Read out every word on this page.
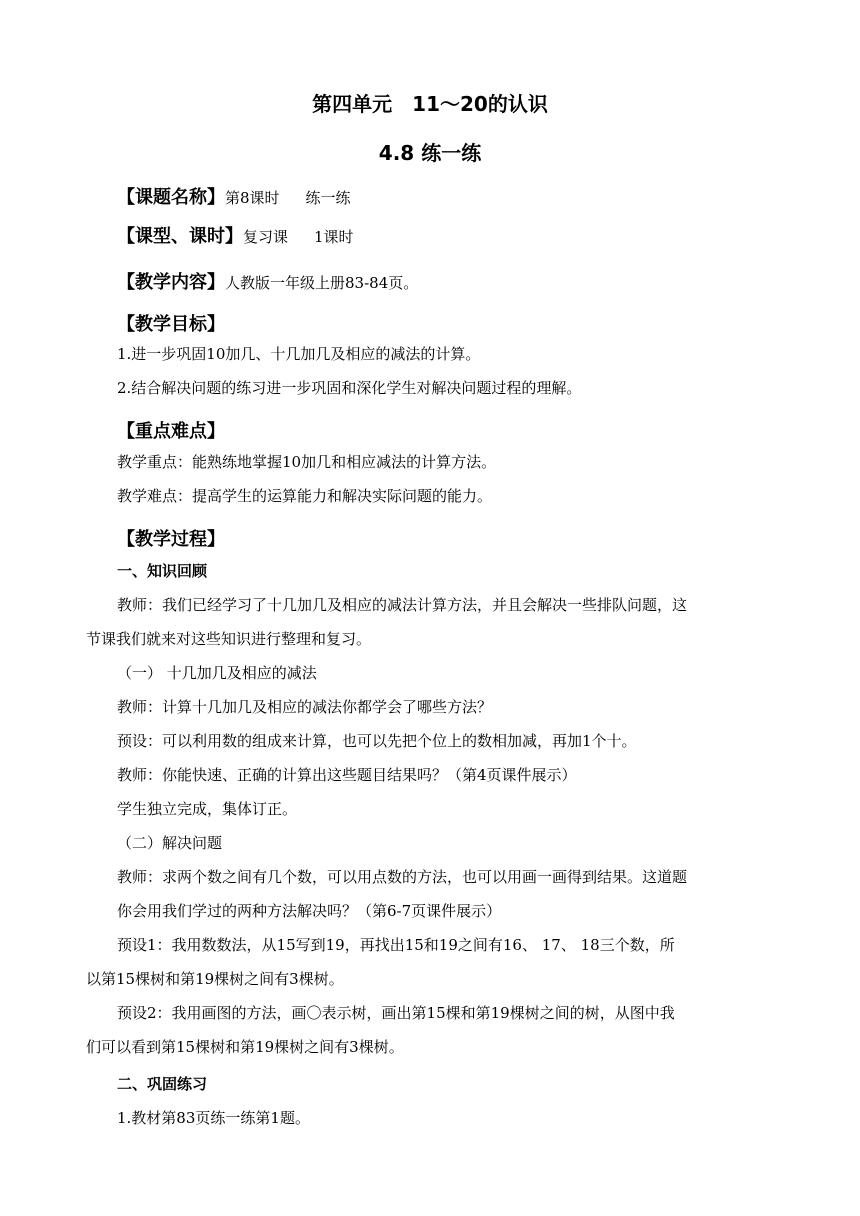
第四单元　11～20的认识
4.8 练一练
【课题名称】第8课时 练一练
【课型、课时】复习课 1课时
【教学内容】人教版一年级上册83-84页。
【教学目标】
1.进一步巩固10加几、十几加几及相应的减法的计算。
2.结合解决问题的练习进一步巩固和深化学生对解决问题过程的理解。
【重点难点】
教学重点：能熟练地掌握10加几和相应减法的计算方法。
教学难点：提高学生的运算能力和解决实际问题的能力。
【教学过程】
一、知识回顾
教师：我们已经学习了十几加几及相应的减法计算方法，并且会解决一些排队问题，这
节课我们就来对这些知识进行整理和复习。
（一） 十几加几及相应的减法
教师：计算十几加几及相应的减法你都学会了哪些方法？
预设：可以利用数的组成来计算，也可以先把个位上的数相加减，再加1个十。
教师：你能快速、正确的计算出这些题目结果吗？（第4页课件展示）
学生独立完成，集体订正。
（二）解决问题
教师：求两个数之间有几个数，可以用点数的方法，也可以用画一画得到结果。这道题
你会用我们学过的两种方法解决吗？（第6-7页课件展示）
预设1：我用数数法，从15写到19，再找出15和19之间有16、 17、 18三个数，所
以第15棵树和第19棵树之间有3棵树。
预设2：我用画图的方法，画〇表示树，画出第15棵和第19棵树之间的树，从图中我
们可以看到第15棵树和第19棵树之间有3棵树。
二、巩固练习
1.教材第83页练一练第1题。
